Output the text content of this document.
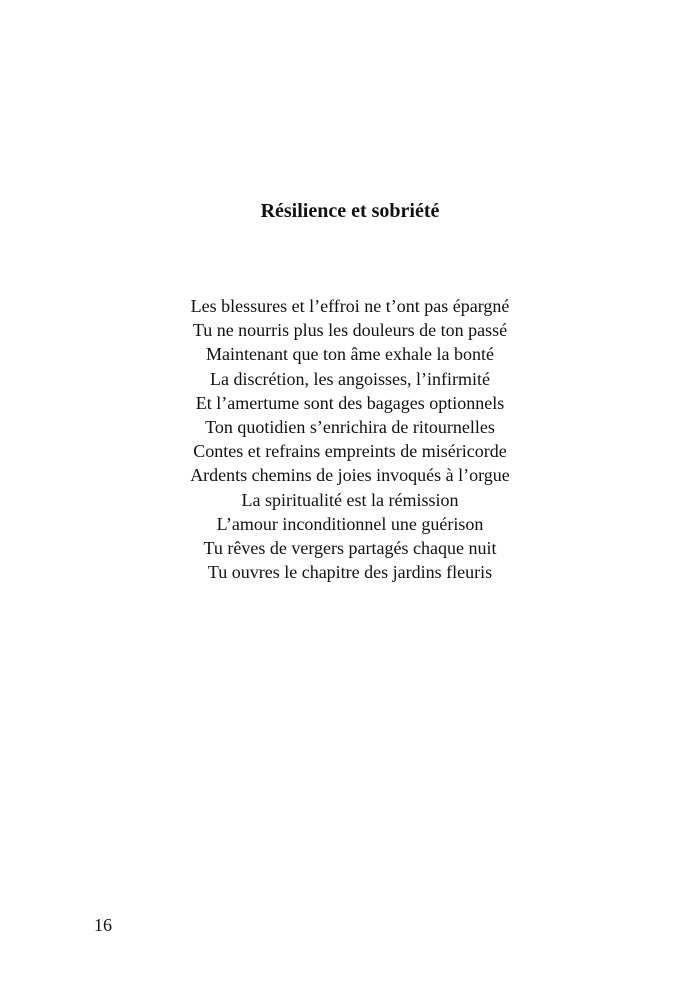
Résilience et sobriété
Les blessures et l’effroi ne t’ont pas épargné
Tu ne nourris plus les douleurs de ton passé
Maintenant que ton âme exhale la bonté
La discrétion, les angoisses, l’infirmité
Et l’amertume sont des bagages optionnels
Ton quotidien s’enrichira de ritournelles
Contes et refrains empreints de miséricorde
Ardents chemins de joies invoqués à l’orgue
La spiritualité est la rémission
L’amour inconditionnel une guérison
Tu rêves de vergers partagés chaque nuit
Tu ouvres le chapitre des jardins fleuris
16
